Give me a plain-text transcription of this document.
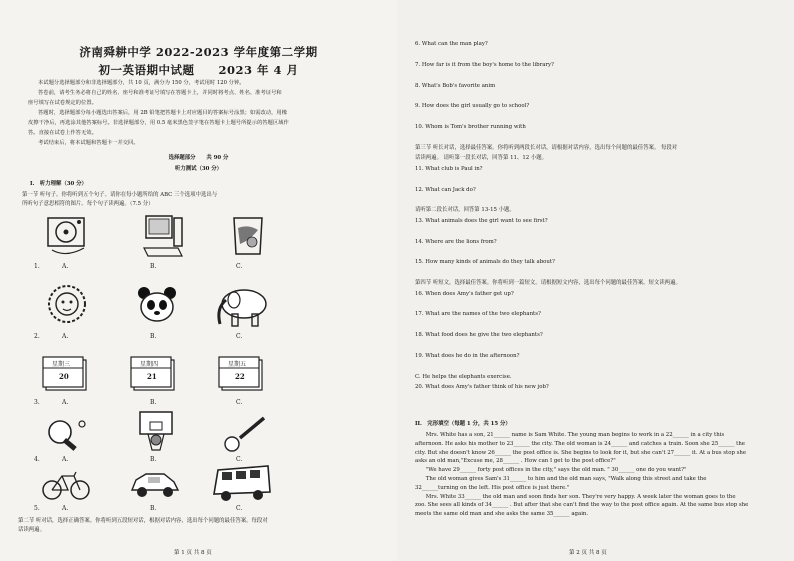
济南舜耕中学 2022-2023 学年度第二学期
初一英语期中试题　　2023 年 4 月
本试题分选择题部分和非选择题部分，共 10 页，满分为 150 分，考试用时 120 分钟。
答卷前，请考生务必将自己的姓名、座号和准考证号填写在答题卡上，并同时将考点、姓名、准考证号和
座号填写在试卷规定的位置。
答题时，选择题部分每小题选出答案后，用 2B 铅笔把答题卡上对应题目的答案标号涂黑；如需改动，用橡
皮擦干净后，再选涂其他答案标号。非选择题部分，用 0.5 毫米黑色签字笔在答题卡上题号所提示的答题区域作
答。直接在试卷上作答无效。
考试结束后，将本试题和答题卡一并交回。
选择题部分　　共 90 分
听力测试（30 分）
I.　听力理解（30 分）
第一节 听句子。你将听到五个句子。请你在每小题所给的 ABC 三个选项中选出与
所听句子意思相符的图片。每个句子读两遍。（7.5 分）
1.	A.	B.	C.
2.	A.	B.	C.
星期三
20
星期四
21
星期五
22
3.	A.	B.	C.
4.	A.	B.	C.
5.	A.	B.	C.
第二节 听对话，选择正确答案。你将听到五段短对话，根据对话内容，选出每个问题的最佳答案。每段对
话读两遍。
第 1 页 共 8 页
6. What can the man play?
7. How far is it from the boy's home to the library?
8. What's Bob's favorite anim
9. How does the girl usually go to school?
10. Whom is Tom's brother running with
第三节 听长对话，选择最佳答案。你将听到两段长对话，请根据对话内容，选出每个问题的最佳答案。 每段对
话读两遍。 请听第一段长对话，回答第 11、12 小题。
11. What club is Paul in?
12. What can Jack do?
请听第二段长对话，回答第 13-15 小题。
13. What animals does the girl want to see first?
14. Where are the lions from?
15. How many kinds of animals do they talk about?
第四节 听短文，选择最佳答案。你将听到一篇短文。请根据短文内容，选出每个问题的最佳答案。短文读两遍。
16. When does Amy's father get up?
17. What are the names of the two elephants?
18. What food does he give the two elephants?
19. What does he do in the afternoon?
C. He helps the elephants exercise.
20. What does Amy's father think of his new job?
II.　完形填空（每题 1 分，共 15 分）
　　Mrs. White has a son, 21______ name is Sam White. The young man begins to work in a 22______ in a city this
afternoon. He asks his mother to 23______ the city. The old woman is 24______ and catches a train. Soon she 25______ the
city. But she doesn't know 26______ the post office is. She begins to look for it, but she can't 27______ it. At a bus stop she
asks an old man,"Excuse me, 28______ . How can I get to the post office?"
　　"We have 29______ forty post offices in the city," says the old man. " 30______ one do you want?"
　　The old woman gives Sam's 31______ to him and the old man says, "Walk along this street and take the
32______turning on the left. His post office is just there."
　　Mrs. White 33______ the old man and soon finds her son. They're very happy. A week later the woman goes to the
zoo. She sees all kinds of 34______ . But after that she can't find the way to the post office again. At the same bus stop she
meets the same old man and she asks the same 35______ again.
第 2 页 共 8 页
